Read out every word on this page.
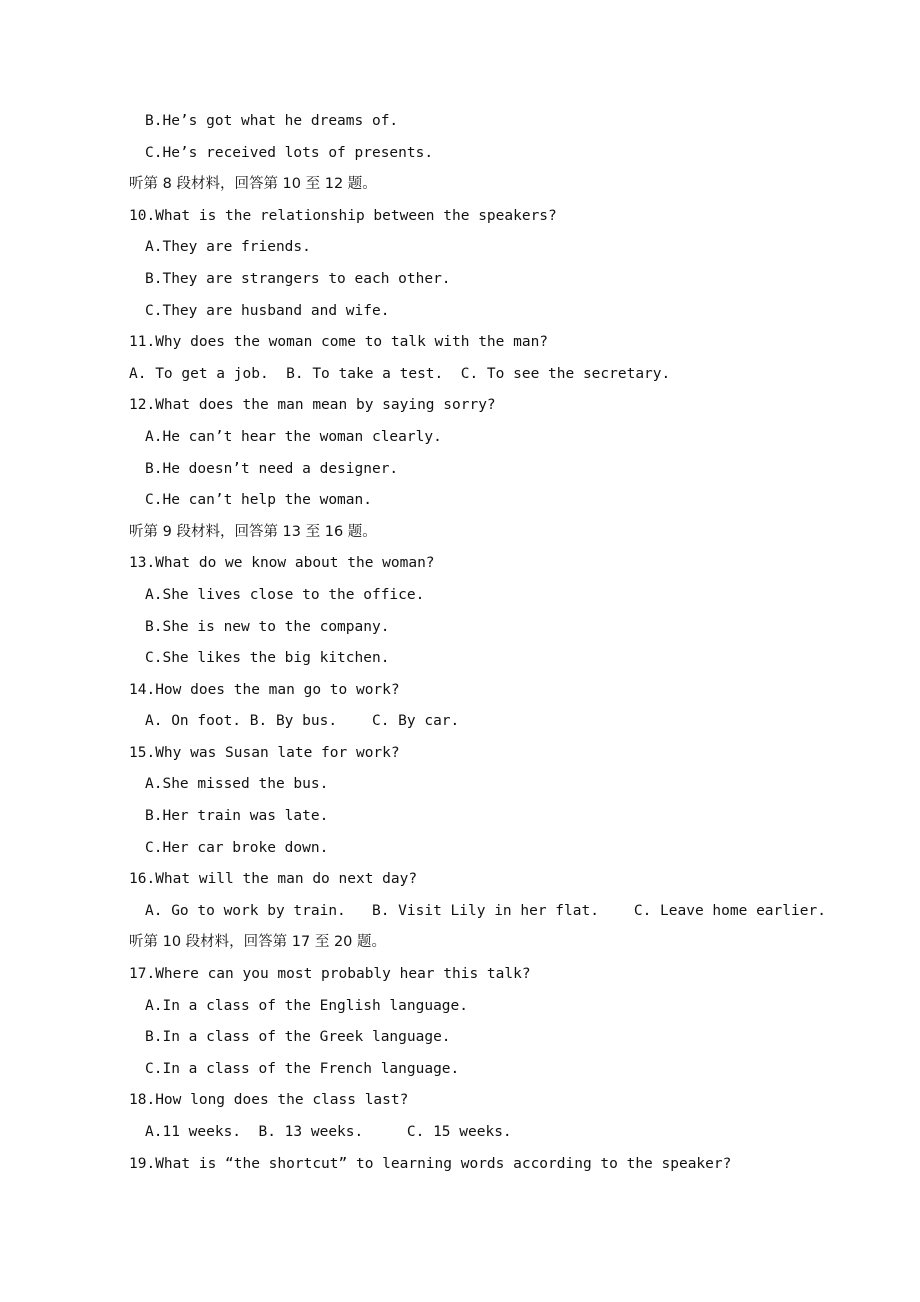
B.He’s got what he dreams of.
C.He’s received lots of presents.
听第 8 段材料，回答第 10 至 12 题。
10.What is the relationship between the speakers?
A.They are friends.
B.They are strangers to each other.
C.They are husband and wife.
11.Why does the woman come to talk with the man?
A. To get a job.  B. To take a test.  C. To see the secretary.
12.What does the man mean by saying sorry?
A.He can’t hear the woman clearly.
B.He doesn’t need a designer.
C.He can’t help the woman.
听第 9 段材料，回答第 13 至 16 题。
13.What do we know about the woman?
A.She lives close to the office.
B.She is new to the company.
C.She likes the big kitchen.
14.How does the man go to work?
A. On foot. B. By bus.    C. By car.
15.Why was Susan late for work?
A.She missed the bus.
B.Her train was late.
C.Her car broke down.
16.What will the man do next day?
A. Go to work by train.   B. Visit Lily in her flat.    C. Leave home earlier.
听第 10 段材料，回答第 17 至 20 题。
17.Where can you most probably hear this talk?
A.In a class of the English language.
B.In a class of the Greek language.
C.In a class of the French language.
18.How long does the class last?
A.11 weeks.  B. 13 weeks.     C. 15 weeks.
19.What is “the shortcut” to learning words according to the speaker?
